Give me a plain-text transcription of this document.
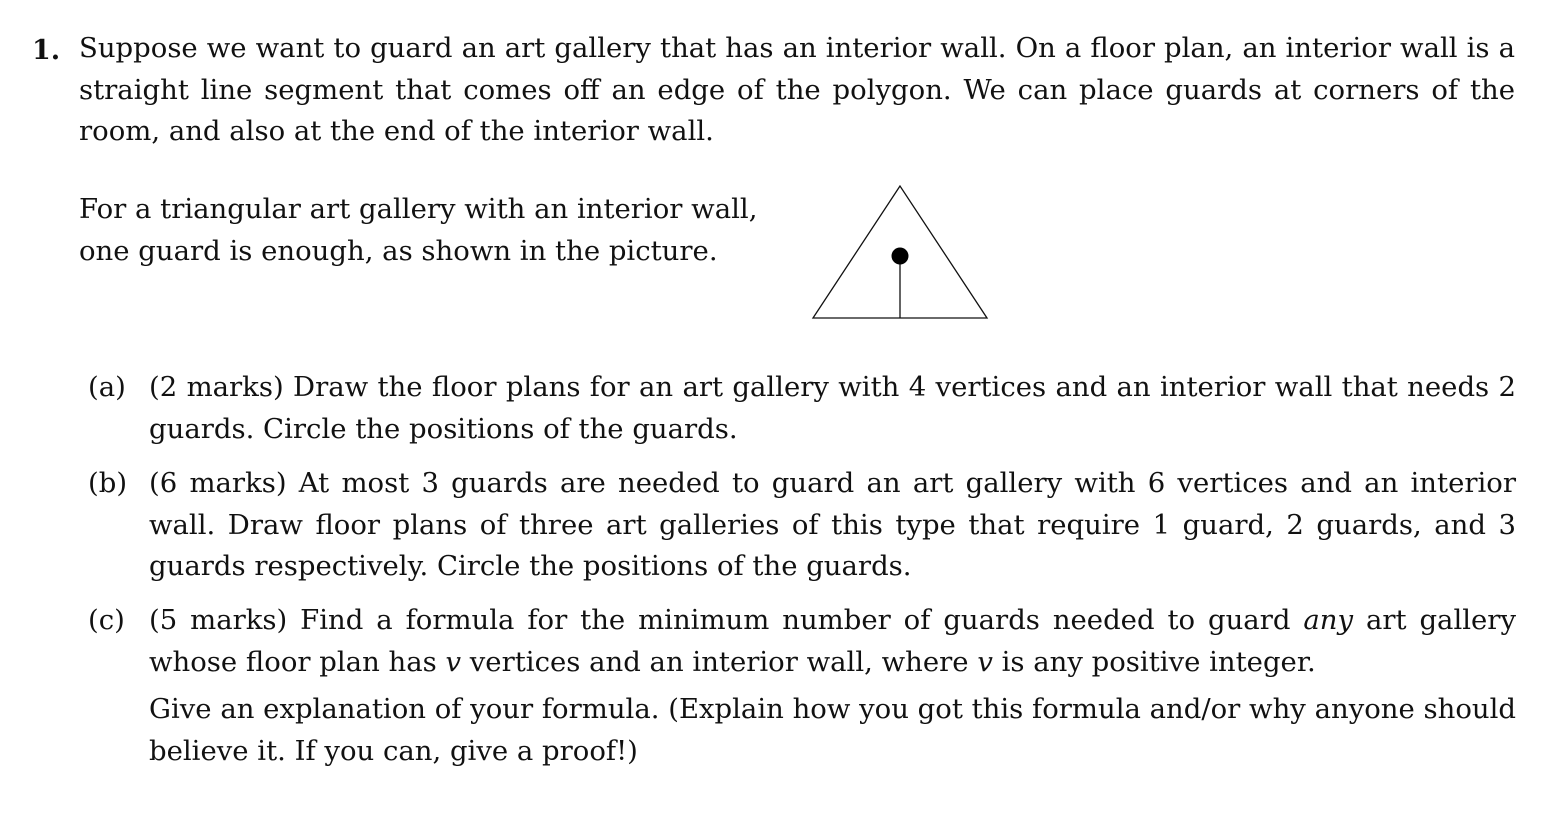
1. Suppose we want to guard an art gallery that has an interior wall. On a floor plan, an interior wall is a straight line segment that comes off an edge of the polygon. We can place guards at corners of the room, and also at the end of the interior wall.
For a triangular art gallery with an interior wall,
one guard is enough, as shown in the picture.
(a) (2 marks) Draw the floor plans for an art gallery with 4 vertices and an interior wall that needs 2 guards. Circle the positions of the guards.
(b) (6 marks) At most 3 guards are needed to guard an art gallery with 6 vertices and an interior wall. Draw floor plans of three art galleries of this type that require 1 guard, 2 guards, and 3 guards respectively. Circle the positions of the guards.
(c) (5 marks) Find a formula for the minimum number of guards needed to guard any art gallery whose floor plan has v vertices and an interior wall, where v is any positive integer.
Give an explanation of your formula. (Explain how you got this formula and/or why anyone should believe it. If you can, give a proof!)
